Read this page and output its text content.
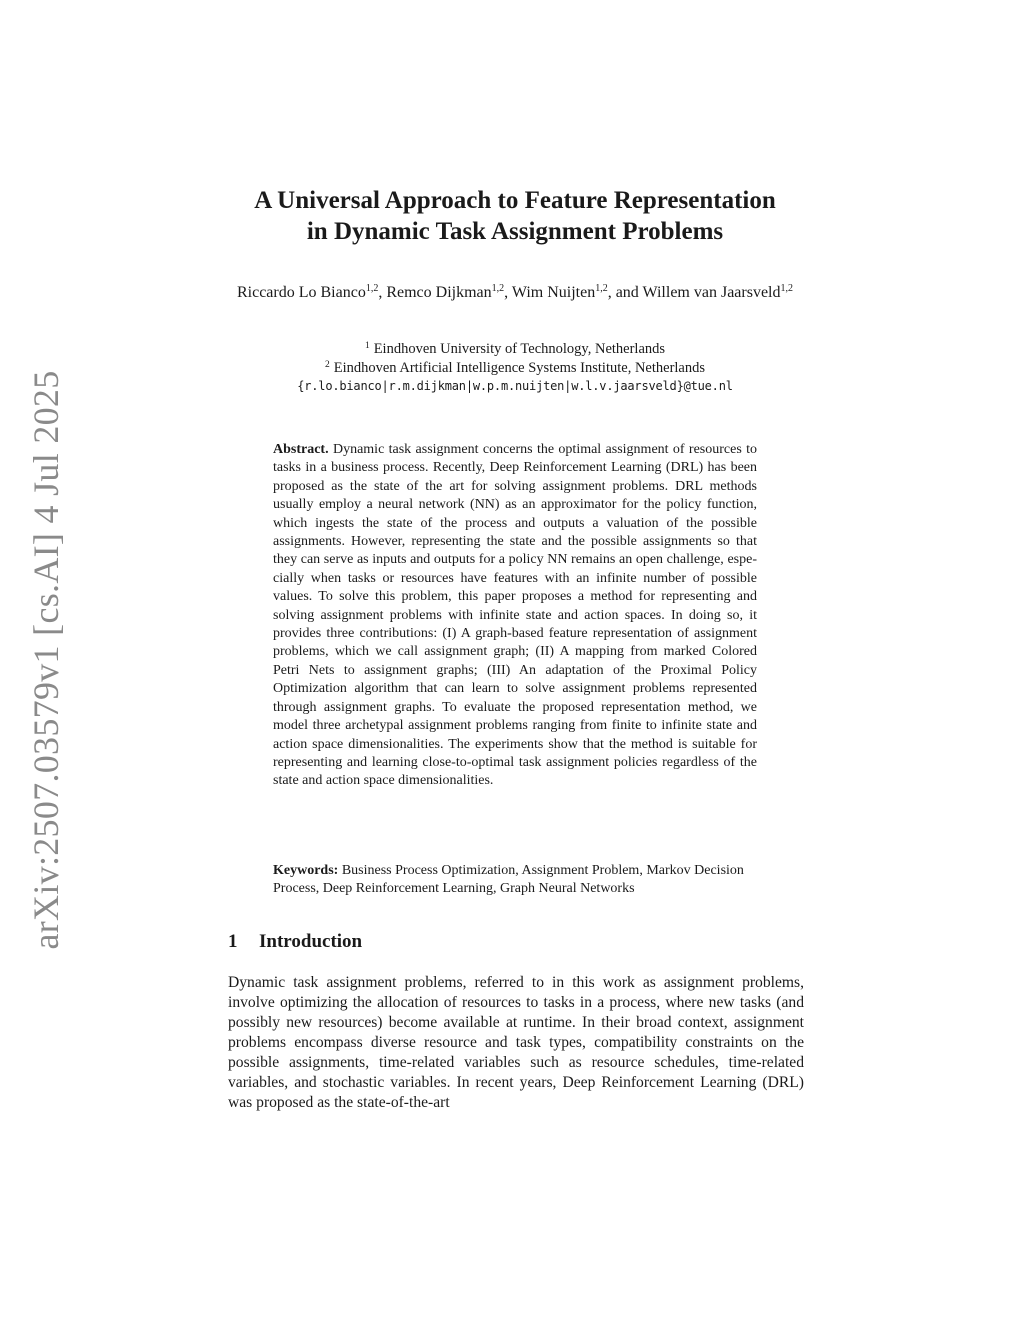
arXiv:2507.03579v1 [cs.AI] 4 Jul 2025
A Universal Approach to Feature Representation
in Dynamic Task Assignment Problems
Riccardo Lo Bianco$^{1,2}$, Remco Dijkman$^{1,2}$, Wim Nuijten$^{1,2}$, and Willem van Jaarsveld$^{1,2}$
$^1$ Eindhoven University of Technology, Netherlands
$^2$ Eindhoven Artificial Intelligence Systems Institute, Netherlands
{r.lo.bianco|r.m.dijkman|w.p.m.nuijten|w.l.v.jaarsveld}@tue.nl
Abstract. Dynamic task assignment concerns the optimal assignment of resources to tasks in a business process. Recently, Deep Reinforcement Learning (DRL) has been proposed as the state of the art for solving assignment problems. DRL methods usually employ a neural network (NN) as an approximator for the policy function, which ingests the state of the process and outputs a valuation of the possible assignments. However, representing the state and the possible assignments so that they can serve as inputs and outputs for a policy NN remains an open challenge, especially when tasks or resources have features with an infinite number of possible values. To solve this problem, this paper proposes a method for representing and solving assignment problems with infinite state and action spaces. In doing so, it provides three contributions: (I) A graph-based feature representation of assignment problems, which we call assignment graph; (II) A mapping from marked Colored Petri Nets to assignment graphs; (III) An adaptation of the Proximal Policy Optimization algorithm that can learn to solve assignment problems represented through assignment graphs. To evaluate the proposed representation method, we model three archetypal assignment problems ranging from finite to infinite state and action space dimensionalities. The experiments show that the method is suitable for representing and learning close-to-optimal task assignment policies regardless of the state and action space dimensionalities.
Keywords: Business Process Optimization, Assignment Problem, Markov Decision Process, Deep Reinforcement Learning, Graph Neural Networks
1 Introduction

Dynamic task assignment problems, referred to in this work as assignment problems, involve optimizing the allocation of resources to tasks in a process, where new tasks (and possibly new resources) become available at runtime. In their broad context, assignment problems encompass diverse resource and task types, compatibility constraints on the possible assignments, time-related variables such as resource schedules, time-related variables, and stochastic variables. In recent years, Deep Reinforcement Learning (DRL) was proposed as the state-of-the-art
